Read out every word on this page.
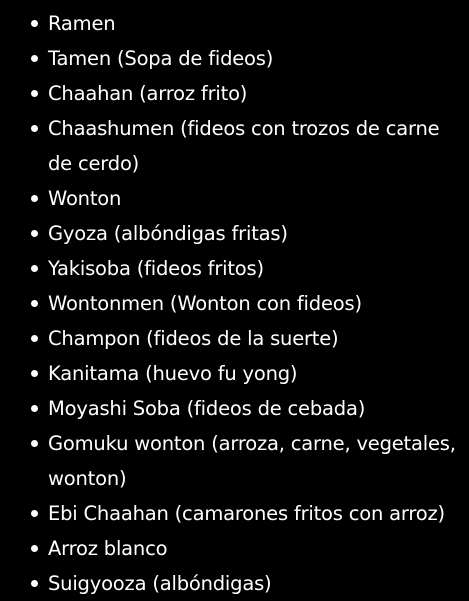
Ramen
Tamen (Sopa de fideos)
Chaahan (arroz frito)
Chaashumen (fideos con trozos de carne de cerdo)
Wonton
Gyoza (albóndigas fritas)
Yakisoba (fideos fritos)
Wontonmen (Wonton con fideos)
Champon (fideos de la suerte)
Kanitama (huevo fu yong)
Moyashi Soba (fideos de cebada)
Gomuku wonton (arroza, carne, vegetales, wonton)
Ebi Chaahan (camarones fritos con arroz)
Arroz blanco
Suigyooza (albóndigas)
